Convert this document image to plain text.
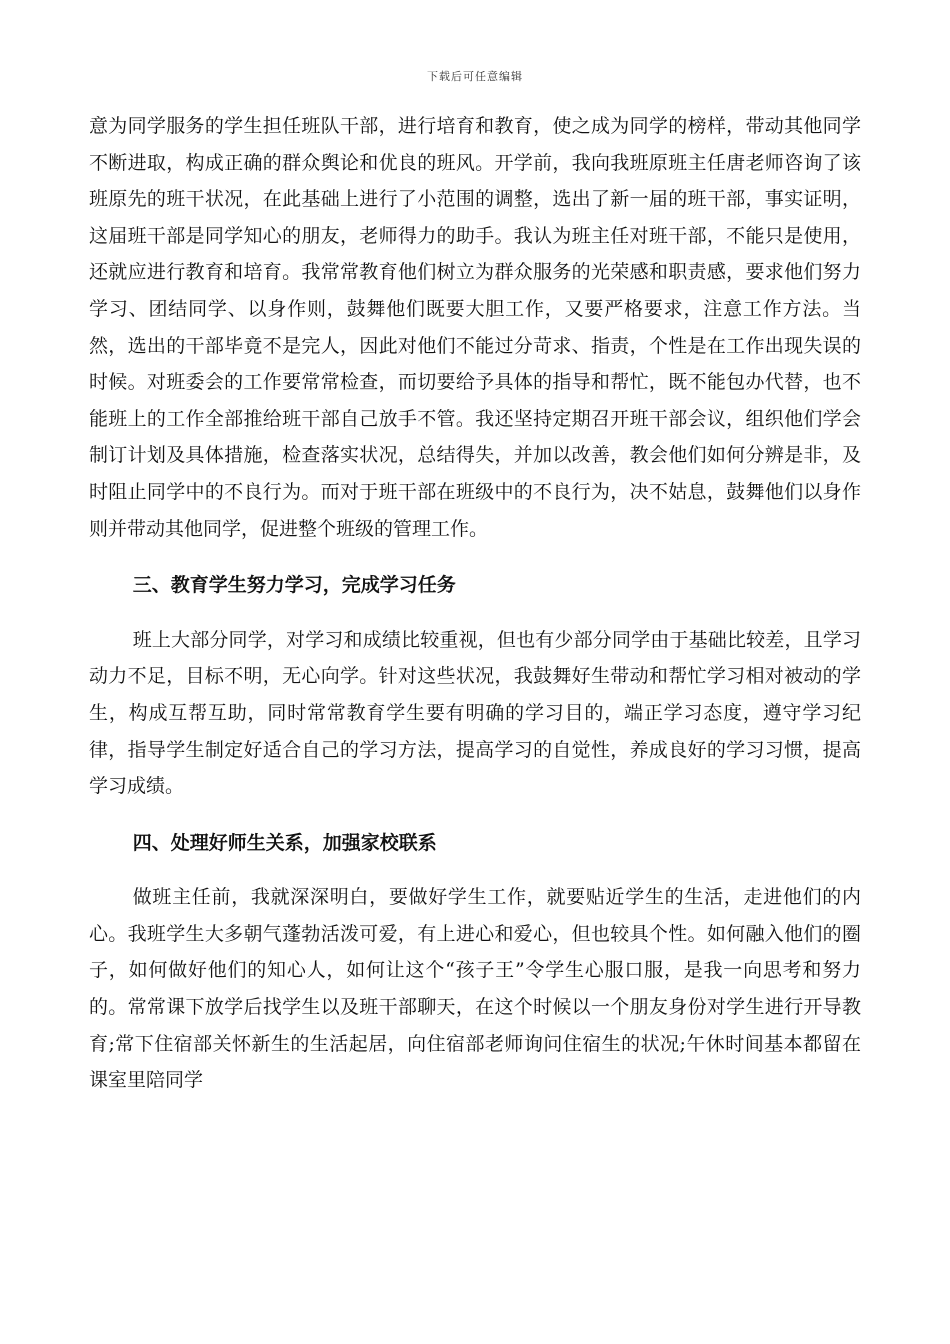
下载后可任意编辑

意为同学服务的学生担任班队干部，进行培育和教育，使之成为同学的榜样，带动其他同学不断进取，构成正确的群众舆论和优良的班风。开学前，我向我班原班主任唐老师咨询了该班原先的班干状况，在此基础上进行了小范围的调整，选出了新一届的班干部，事实证明，这届班干部是同学知心的朋友，老师得力的助手。我认为班主任对班干部，不能只是使用，还就应进行教育和培育。我常常教育他们树立为群众服务的光荣感和职责感，要求他们努力学习、团结同学、以身作则，鼓舞他们既要大胆工作，又要严格要求，注意工作方法。当然，选出的干部毕竟不是完人，因此对他们不能过分苛求、指责，个性是在工作出现失误的时候。对班委会的工作要常常检查，而切要给予具体的指导和帮忙，既不能包办代替，也不能班上的工作全部推给班干部自己放手不管。我还坚持定期召开班干部会议，组织他们学会制订计划及具体措施，检查落实状况，总结得失，并加以改善，教会他们如何分辨是非，及时阻止同学中的不良行为。而对于班干部在班级中的不良行为，决不姑息，鼓舞他们以身作则并带动其他同学，促进整个班级的管理工作。

三、教育学生努力学习，完成学习任务

班上大部分同学，对学习和成绩比较重视，但也有少部分同学由于基础比较差，且学习动力不足，目标不明，无心向学。针对这些状况，我鼓舞好生带动和帮忙学习相对被动的学生，构成互帮互助，同时常常教育学生要有明确的学习目的，端正学习态度，遵守学习纪律，指导学生制定好适合自己的学习方法，提高学习的自觉性，养成良好的学习习惯，提高学习成绩。

四、处理好师生关系，加强家校联系

做班主任前，我就深深明白，要做好学生工作，就要贴近学生的生活，走进他们的内心。我班学生大多朝气蓬勃活泼可爱，有上进心和爱心，但也较具个性。如何融入他们的圈子，如何做好他们的知心人，如何让这个“孩子王”令学生心服口服，是我一向思考和努力的。常常课下放学后找学生以及班干部聊天，在这个时候以一个朋友身份对学生进行开导教育;常下住宿部关怀新生的生活起居，向住宿部老师询问住宿生的状况;午休时间基本都留在课室里陪同学
